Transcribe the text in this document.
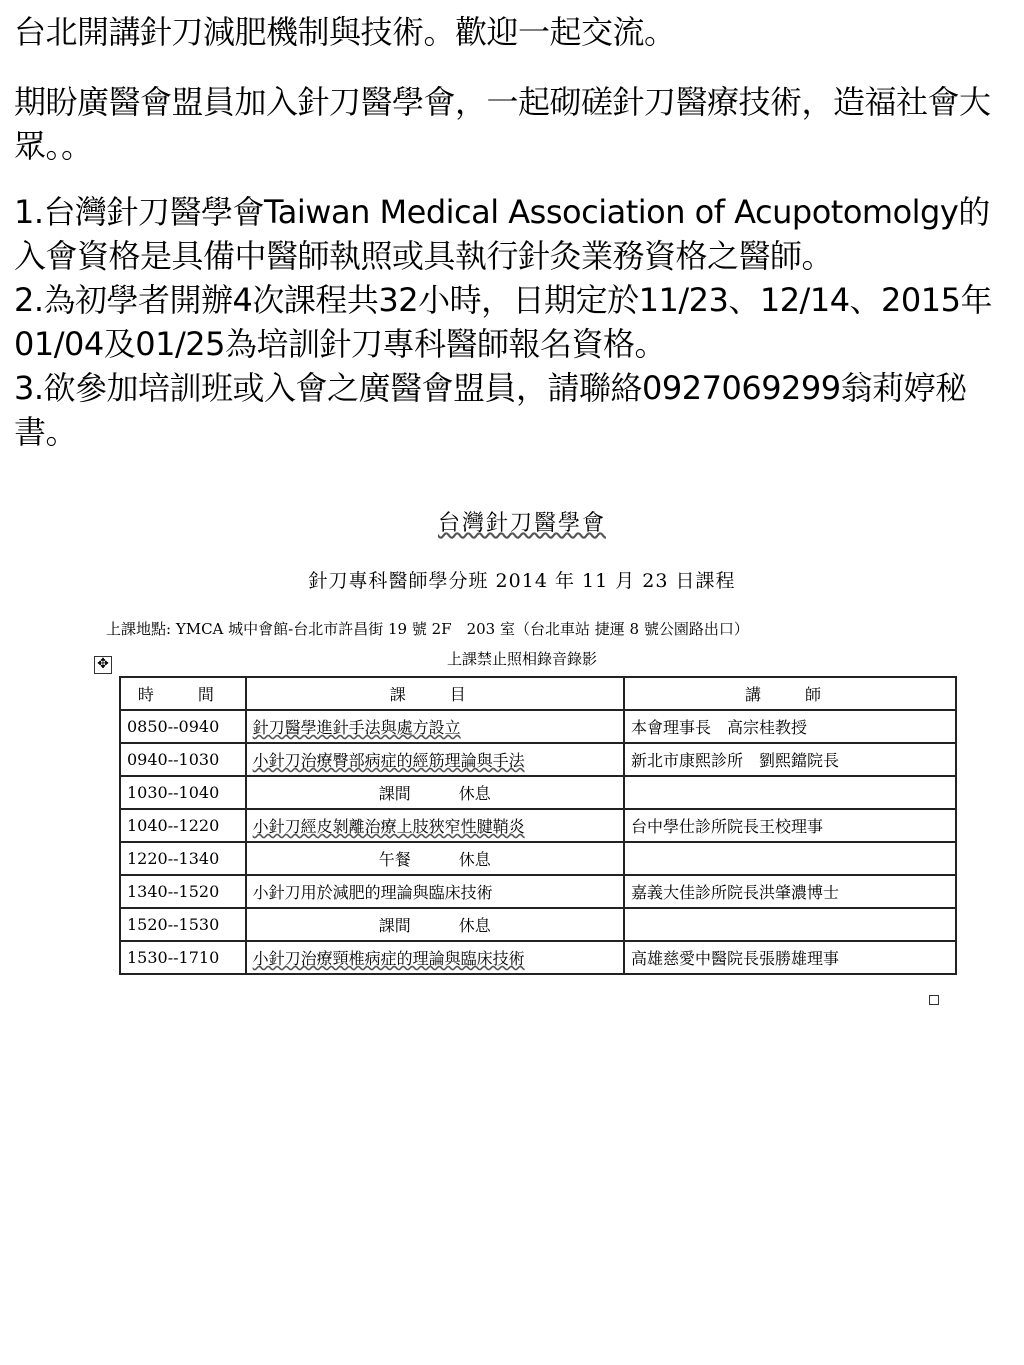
台北開講針刀減肥機制與技術。歡迎一起交流。

期盼廣醫會盟員加入針刀醫學會，一起砌磋針刀醫療技術，造福社會大眾。。

1.台灣針刀醫學會Taiwan Medical Association of Acupotomolgy的入會資格是具備中醫師執照或具執行針灸業務資格之醫師。

2.為初學者開辦4次課程共32小時，日期定於11/23、12/14、2015年01/04及01/25為培訓針刀專科醫師報名資格。

3.欲參加培訓班或入會之廣醫會盟員，請聯絡0927069299翁莉婷秘書。

台灣針刀醫學會
針刀專科醫師學分班 2014 年 11 月 23 日課程
上課地點: YMCA 城中會館-台北市許昌街 19 號 2F　203 室（台北車站 捷運 8 號公園路出口）
上課禁止照相錄音錄影
✥
時　間	課　目	講　師
0850--0940	針刀醫學進針手法與處方設立	本會理事長　高宗桂教授
0940--1030	小針刀治療臀部病症的經筋理論與手法	新北市康熙診所　劉熙鐺院長
1030--1040	課間　　　休息	
1040--1220	小針刀經皮剝離治療上肢狹窄性腱鞘炎	台中學仕診所院長王校理事
1220--1340	午餐　　　休息	
1340--1520	小針刀用於減肥的理論與臨床技術	嘉義大佳診所院長洪肇濃博士
1520--1530	課間　　　休息	
1530--1710	小針刀治療頸椎病症的理論與臨床技術	高雄慈愛中醫院長張勝雄理事
